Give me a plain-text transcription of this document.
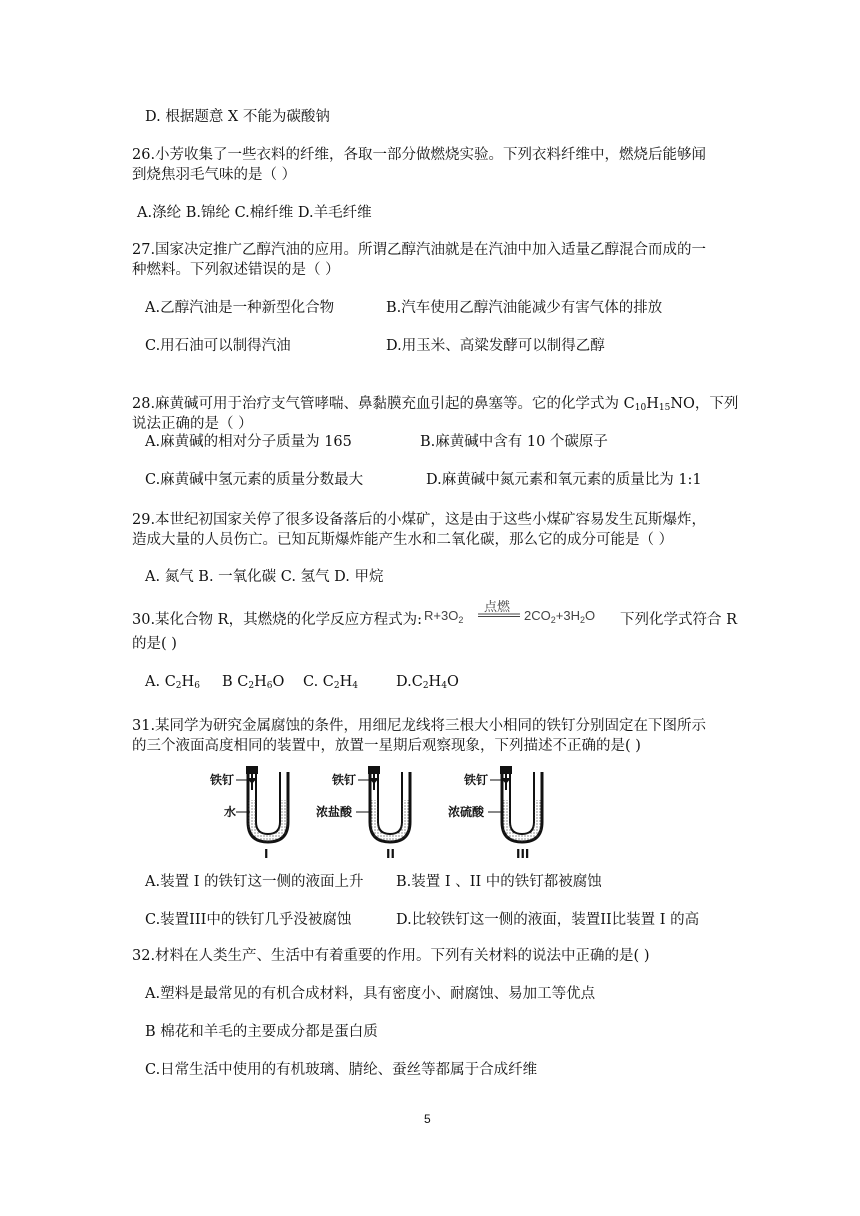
D. 根据题意 X 不能为碳酸钠
26.小芳收集了一些衣料的纤维，各取一部分做燃烧实验。下列衣料纤维中，燃烧后能够闻
到烧焦羽毛气味的是（ ）
A.涤纶 B.锦纶 C.棉纤维 D.羊毛纤维
27.国家决定推广乙醇汽油的应用。所谓乙醇汽油就是在汽油中加入适量乙醇混合而成的一
种燃料。下列叙述错误的是（ ）
说法正确的是（ ）
29.本世纪初国家关停了很多设备落后的小煤矿，这是由于这些小煤矿容易发生瓦斯爆炸，
造成大量的人员伤亡。已知瓦斯爆炸能产生水和二氧化碳，那么它的成分可能是（ ）
A. 氮气 B. 一氧化碳 C. 氢气 D. 甲烷
30.某化合物 R，其燃烧的化学反应方程式为:	下列化学式符合 R
的是( )
31.某同学为研究金属腐蚀的条件，用细尼龙线将三根大小相同的铁钉分别固定在下图所示
的三个液面高度相同的装置中，放置一星期后观察现象，下列描述不正确的是( )
32.材料在人类生产、生活中有着重要的作用。下列有关材料的说法中正确的是( )
A.塑料是最常见的有机合成材料，具有密度小、耐腐蚀、易加工等优点
B 棉花和羊毛的主要成分都是蛋白质
C.日常生活中使用的有机玻璃、腈纶、蚕丝等都属于合成纤维
A.乙醇汽油是一种新型化合物	B.汽车使用乙醇汽油能减少有害气体的排放
C.用石油可以制得汽油	D.用玉米、高粱发酵可以制得乙醇
A.麻黄碱的相对分子质量为 165	B.麻黄碱中含有 10 个碳原子
C.麻黄碱中氢元素的质量分数最大	D.麻黄碱中氮元素和氧元素的质量比为 1:1
A.装置 I 的铁钉这一侧的液面上升 B.装置 I 、II 中的铁钉都被腐蚀
C.装置III中的铁钉几乎没被腐蚀	D.比较铁钉这一侧的液面，装置II比装置 I 的高
点燃
$R+3O_2$	$2CO_2+3H_2O$
28.麻黄碱可用于治疗支气管哮喘、鼻黏膜充血引起的鼻塞等。它的化学式为 $C_{10}H_{15}NO$，下列
A. $C_2H_6$ B $C_2H_6O$ C. $C_2H_4$	$D.C_2H_4O$
铁钉
水
I
铁钉
浓盐酸
II
铁钉
浓硫酸
III
5
